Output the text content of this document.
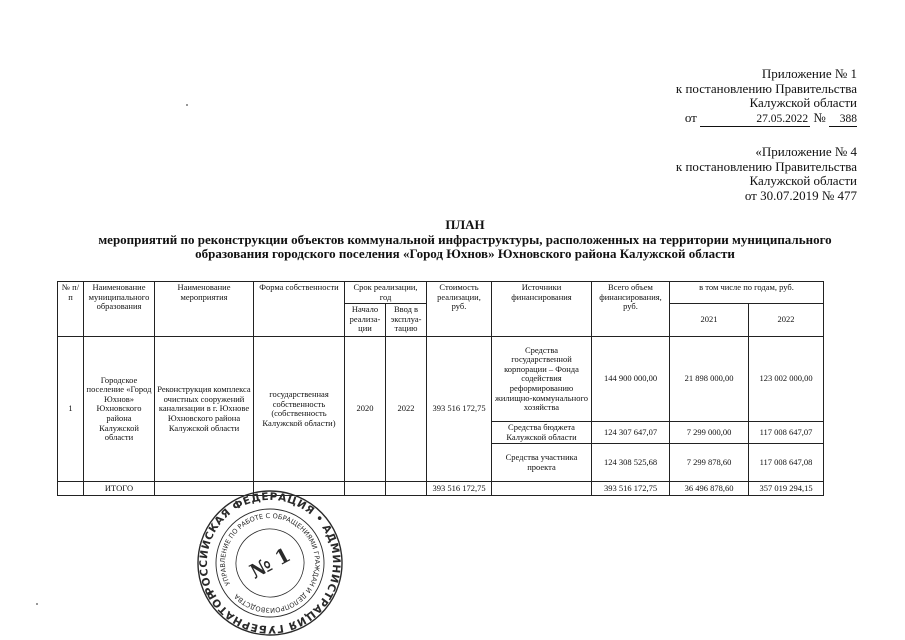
Приложение № 1
к постановлению Правительства
Калужской области
от	27.05.2022 № 388
«Приложение № 4
к постановлению Правительства
Калужской области
от 30.07.2019 № 477
ПЛАН
мероприятий по реконструкции объектов коммунальной инфраструктуры, расположенных на территории муниципального
образования городского поселения «Город Юхнов» Юхновского района Калужской области
№ п/п	Наименование муниципального образования	Наименование мероприятия	Форма собственности	Срок реализации, год		Стоимость реализации, руб.	Источники финансирования	Всего объем финансирования, руб.	в том числе по годам, руб.	
				Начало реализа-ции	Ввод в эксплуа-тацию				2021	2022
1	Городское поселение «Город Юхнов» Юхновского района Калужской области	Реконструкция комплекса очистных сооружений канализации в г. Юхнове Юхновского района Калужской области	государственная собственность (собственность Калужской области)	2020	2022	393 516 172,75	Средства государственной корпорации – Фонда содействия реформированию жилищно-коммунального хозяйства	144 900 000,00	21 898 000,00	123 002 000,00
							Средства бюджета Калужской области	124 307 647,07	7 299 000,00	117 008 647,07
							Средства участника проекта	124 308 525,68	7 299 878,60	117 008 647,08
	ИТОГО					393 516 172,75		393 516 172,75	36 496 878,60	357 019 294,15
РОССИЙСКАЯ ФЕДЕРАЦИЯ • АДМИНИСТРАЦИЯ ГУБЕРНАТОРА
УПРАВЛЕНИЕ ПО РАБОТЕ С ОБРАЩЕНИЯМИ ГРАЖДАН И ДЕЛОПРОИЗВОДСТВА
№ 1
